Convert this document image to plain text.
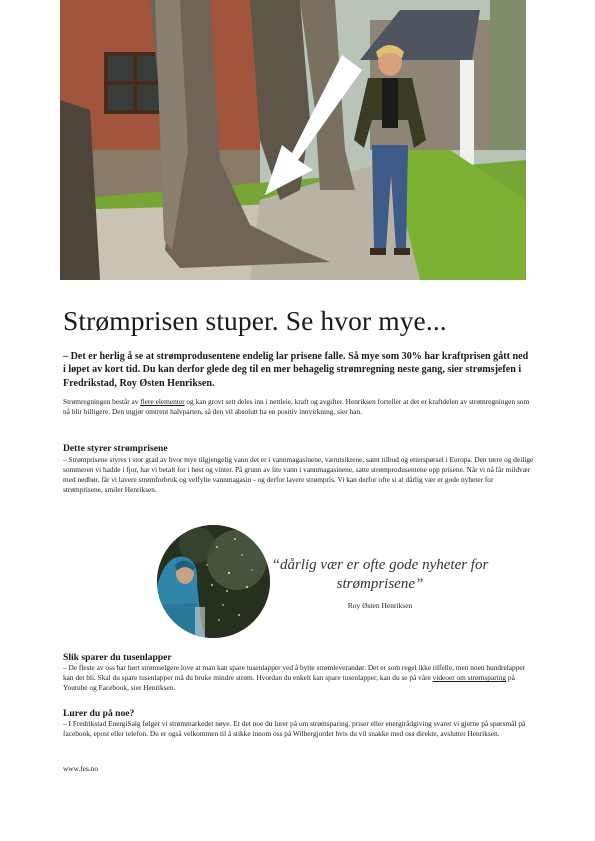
Strømprisen stuper. Se hvor mye...

– Det er herlig å se at strømprodusentene endelig lar prisene falle. Så mye som 30% har kraftprisen gått ned i løpet av kort tid. Du kan derfor glede deg til en mer behagelig strømregning neste gang, sier strømsjefen i Fredrikstad, Roy Østen Henriksen.

Strømregningen består av flere elementer og kan grovt sett deles inn i nettleie, kraft og avgifter. Henriksen forteller at det er kraftdelen av strømregningen som nå blir billigere. Den utgjør omtrent halvparten, så den vil absolutt ha en positiv innvirkning, sier han.

Dette styrer strømprisene

– Strømprisene styres i stor grad av hvor mye tilgjengelig vann det er i vannmagasinene, værutsiktene, samt tilbud og etterspørsel i Europa. Den tørre og deilige sommeren vi hadde i fjor, har vi betalt for i høst og vinter. På grunn av lite vann i vannmagasinene, satte strømprodusentene opp prisene. Når vi nå får mildvær med nedbør, får vi lavere strømforbruk og velfylte vannmagasin - og derfor lavere strømpris. Vi kan derfor ofte si at dårlig vær er gode nyheter for strømprisene, smiler Henriksen.

“dårlig vær er ofte gode nyheter for strømprisene”

Roy Østen Henriksen

Slik sparer du tusenlapper

– De fleste av oss har hørt strømselgere love at man kan spare tusenlapper ved å bytte strømleverandør. Det er som regel ikke tilfelle, men noen hundrelapper kan det bli. Skal du spare tusenlapper må du bruke mindre strøm. Hvordan du enkelt kan spare tusenlapper, kan du se på våre videoer om strømsparing på Youtube og Facebook, sier Henriksen.

Lurer du på noe?

– I Fredrikstad EnergiSalg følger vi strømmarkedet nøye. Er det noe du lurer på om strømsparing, priser eller energirådgiving svarer vi gjerne på spørsmål på facebook, epost eller telefon. Du er også velkommen til å stikke innom oss på Wilbergjordet hvis du vil snakke med oss direkte, avslutter Henriksen.

www.fes.no
